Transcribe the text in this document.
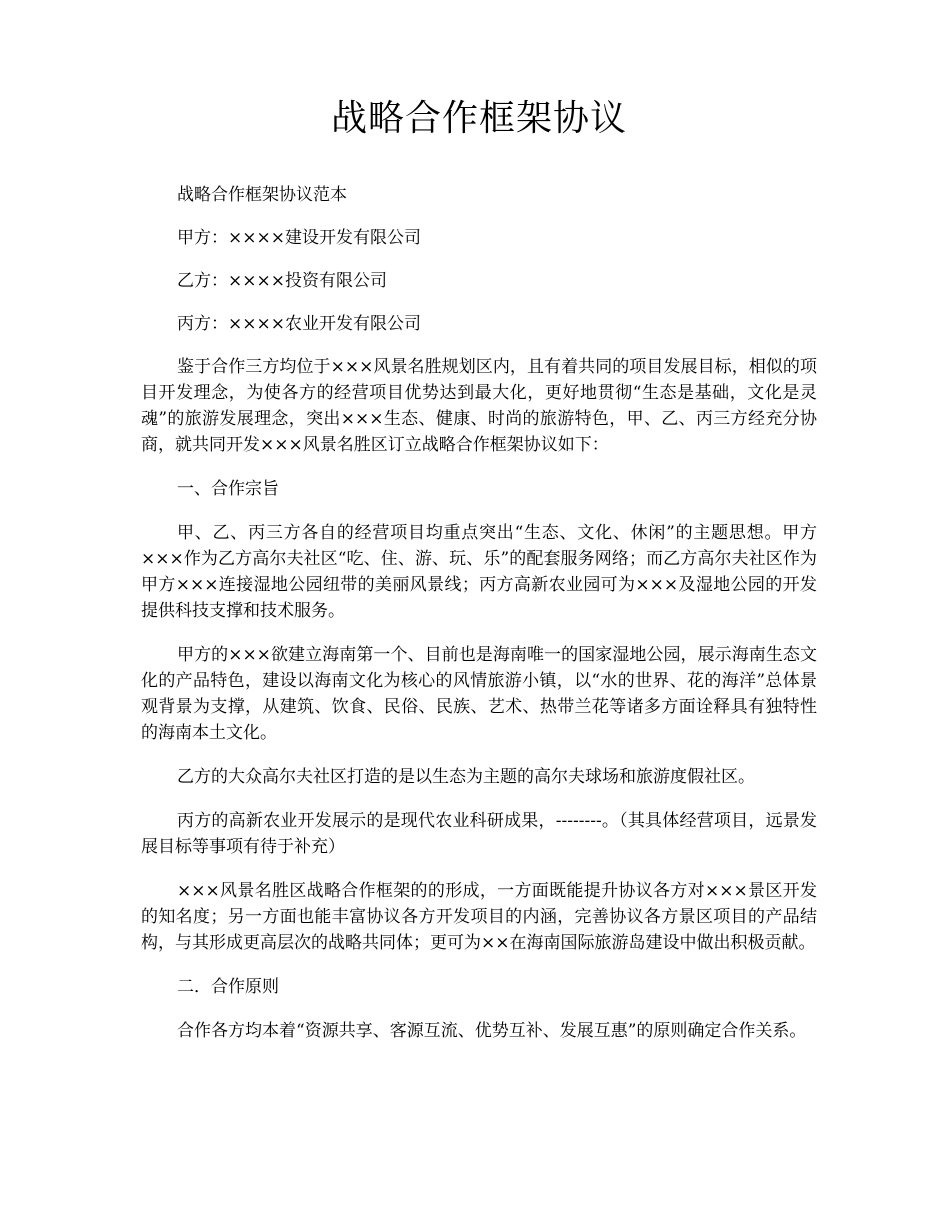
战略合作框架协议

战略合作框架协议范本

甲方：××××建设开发有限公司

乙方：××××投资有限公司

丙方：××××农业开发有限公司

鉴于合作三方均位于×××风景名胜规划区内，且有着共同的项目发展目标，相似的项目开发理念，为使各方的经营项目优势达到最大化，更好地贯彻“生态是基础，文化是灵魂”的旅游发展理念，突出×××生态、健康、时尚的旅游特色，甲、乙、丙三方经充分协商，就共同开发×××风景名胜区订立战略合作框架协议如下：

一、合作宗旨

甲、乙、丙三方各自的经营项目均重点突出“生态、文化、休闲”的主题思想。甲方×××作为乙方高尔夫社区“吃、住、游、玩、乐”的配套服务网络；而乙方高尔夫社区作为甲方×××连接湿地公园纽带的美丽风景线；丙方高新农业园可为×××及湿地公园的开发提供科技支撑和技术服务。

甲方的×××欲建立海南第一个、目前也是海南唯一的国家湿地公园，展示海南生态文化的产品特色，建设以海南文化为核心的风情旅游小镇，以“水的世界、花的海洋”总体景观背景为支撑，从建筑、饮食、民俗、民族、艺术、热带兰花等诸多方面诠释具有独特性的海南本土文化。

乙方的大众高尔夫社区打造的是以生态为主题的高尔夫球场和旅游度假社区。

丙方的高新农业开发展示的是现代农业科研成果，--------。（其具体经营项目，远景发展目标等事项有待于补充）

×××风景名胜区战略合作框架的的形成，一方面既能提升协议各方对×××景区开发的知名度；另一方面也能丰富协议各方开发项目的内涵，完善协议各方景区项目的产品结构，与其形成更高层次的战略共同体；更可为××在海南国际旅游岛建设中做出积极贡献。

二．合作原则

合作各方均本着“资源共享、客源互流、优势互补、发展互惠”的原则确定合作关系。
